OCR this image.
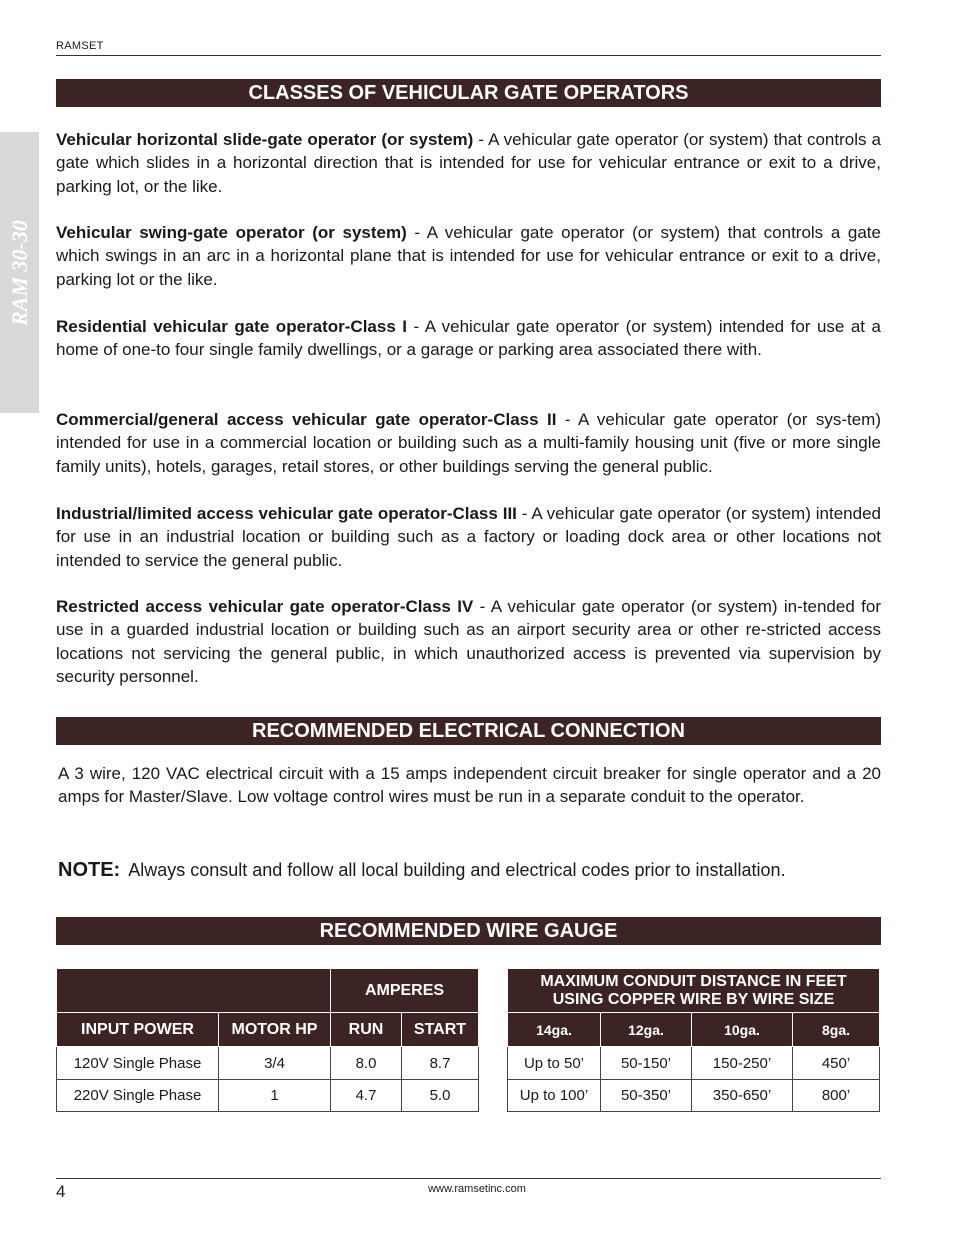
RAMSET
RAM 30-30
CLASSES OF VEHICULAR GATE OPERATORS

Vehicular horizontal slide-gate operator (or system) - A vehicular gate operator (or system) that controls a gate which slides in a horizontal direction that is intended for use for vehicular entrance or exit to a drive, parking lot, or the like.

Vehicular swing-gate operator (or system) - A vehicular gate operator (or system) that controls a gate which swings in an arc in a horizontal plane that is intended for use for vehicular entrance or exit to a drive, parking lot or the like.

Residential vehicular gate operator-Class I - A vehicular gate operator (or system) intended for use at a home of one-to four single family dwellings, or a garage or parking area associated there with.

Commercial/general access vehicular gate operator-Class II - A vehicular gate operator (or sys-tem) intended for use in a commercial location or building such as a multi-family housing unit (five or more single family units), hotels, garages, retail stores, or other buildings serving the general public.

Industrial/limited access vehicular gate operator-Class III - A vehicular gate operator (or system) intended for use in an industrial location or building such as a factory or loading dock area or other locations not intended to service the general public.

Restricted access vehicular gate operator-Class IV - A vehicular gate operator (or system) in-tended for use in a guarded industrial location or building such as an airport security area or other re-stricted access locations not servicing the general public, in which unauthorized access is prevented via supervision by security personnel.

RECOMMENDED ELECTRICAL CONNECTION

A 3 wire, 120 VAC electrical circuit with a 15 amps independent circuit breaker for single operator and a 20 amps for Master/Slave. Low voltage control wires must be run in a separate conduit to the operator.

NOTE: Always consult and follow all local building and electrical codes prior to installation.
RECOMMENDED WIRE GAUGE
		AMPERES	
INPUT POWER	MOTOR HP	RUN	START
120V Single Phase	3/4	8.0	8.7
220V Single Phase	1	4.7	5.0
MAXIMUM CONDUIT DISTANCE IN FEET
USING COPPER WIRE BY WIRE SIZE			

14ga.	12ga.	10ga.	8ga.
Up to 50’	50-150’	150-250’	450’
Up to 100’	50-350’	350-650’	800’
4	www.ramsetinc.com
